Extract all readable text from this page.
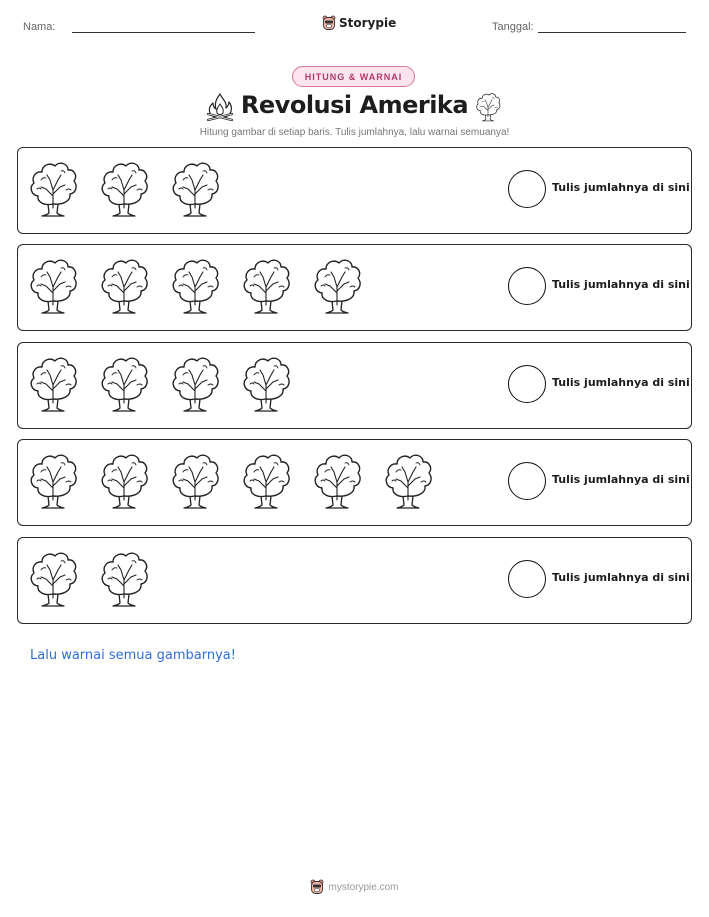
Nama:	Storypie	Tanggal:
HITUNG & WARNAI
Revolusi Amerika
Hitung gambar di setiap baris. Tulis jumlahnya, lalu warnai semuanya!
Tulis jumlahnya di sini
Tulis jumlahnya di sini
Tulis jumlahnya di sini
Tulis jumlahnya di sini
Tulis jumlahnya di sini
Lalu warnai semua gambarnya!
mystorypie.com
